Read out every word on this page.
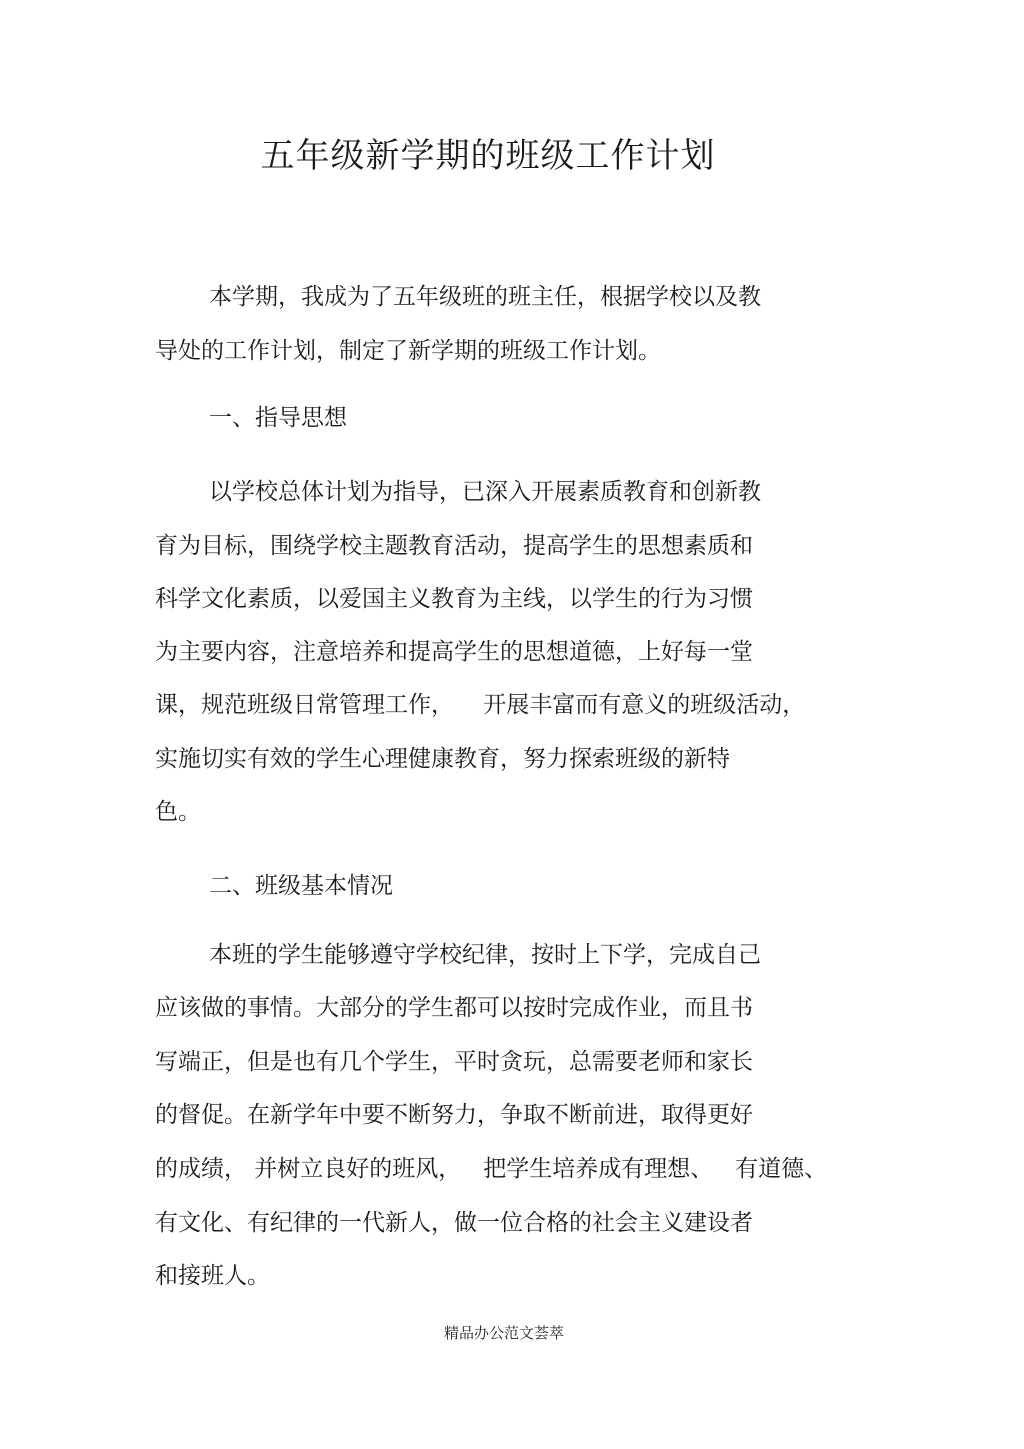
五年级新学期的班级工作计划

本学期，我成为了五年级班的班主任，根据学校以及教

导处的工作计划，制定了新学期的班级工作计划。

一、指导思想

以学校总体计划为指导，已深入开展素质教育和创新教

育为目标，围绕学校主题教育活动，提高学生的思想素质和

科学文化素质，以爱国主义教育为主线，以学生的行为习惯

为主要内容，注意培养和提高学生的思想道德，上好每一堂

课，规范班级日常管理工作，    开展丰富而有意义的班级活动，

实施切实有效的学生心理健康教育，努力探索班级的新特

色。

二、班级基本情况

本班的学生能够遵守学校纪律，按时上下学，完成自己

应该做的事情。大部分的学生都可以按时完成作业，而且书

写端正，但是也有几个学生，平时贪玩，总需要老师和家长

的督促。在新学年中要不断努力，争取不断前进，取得更好

的成绩， 并树立良好的班风，   把学生培养成有理想、   有道德、

有文化、有纪律的一代新人，做一位合格的社会主义建设者

和接班人。

精品办公范文荟萃
